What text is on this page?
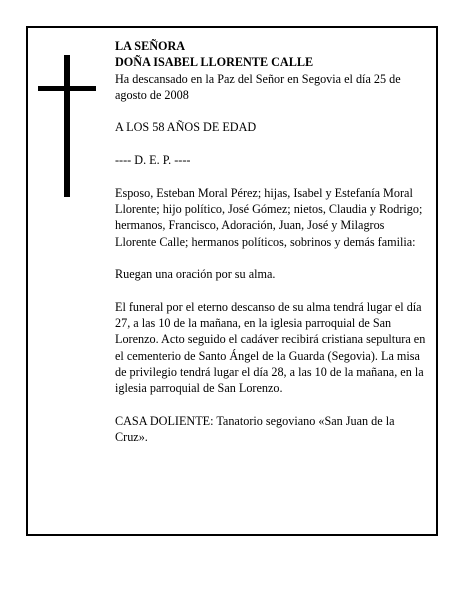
LA SEÑORA

DOÑA ISABEL LLORENTE CALLE

Ha descansado en la Paz del Señor en Segovia el día 25 de agosto de 2008

A LOS 58 AÑOS DE EDAD

---- D. E. P. ----

Esposo, Esteban Moral Pérez; hijas, Isabel y Estefanía Moral Llorente; hijo político, José Gómez; nietos, Claudia y Rodrigo; hermanos, Francisco, Adoración, Juan, José y Milagros Llorente Calle; hermanos políticos, sobrinos y demás familia:

Ruegan una oración por su alma.

El funeral por el eterno descanso de su alma tendrá lugar el día 27, a las 10 de la mañana, en la iglesia parroquial de San Lorenzo. Acto seguido el cadáver recibirá cristiana sepultura en el cementerio de Santo Ángel de la Guarda (Segovia). La misa de privilegio tendrá lugar el día 28, a las 10 de la mañana, en la iglesia parroquial de San Lorenzo.

CASA DOLIENTE: Tanatorio segoviano «San Juan de la Cruz».
